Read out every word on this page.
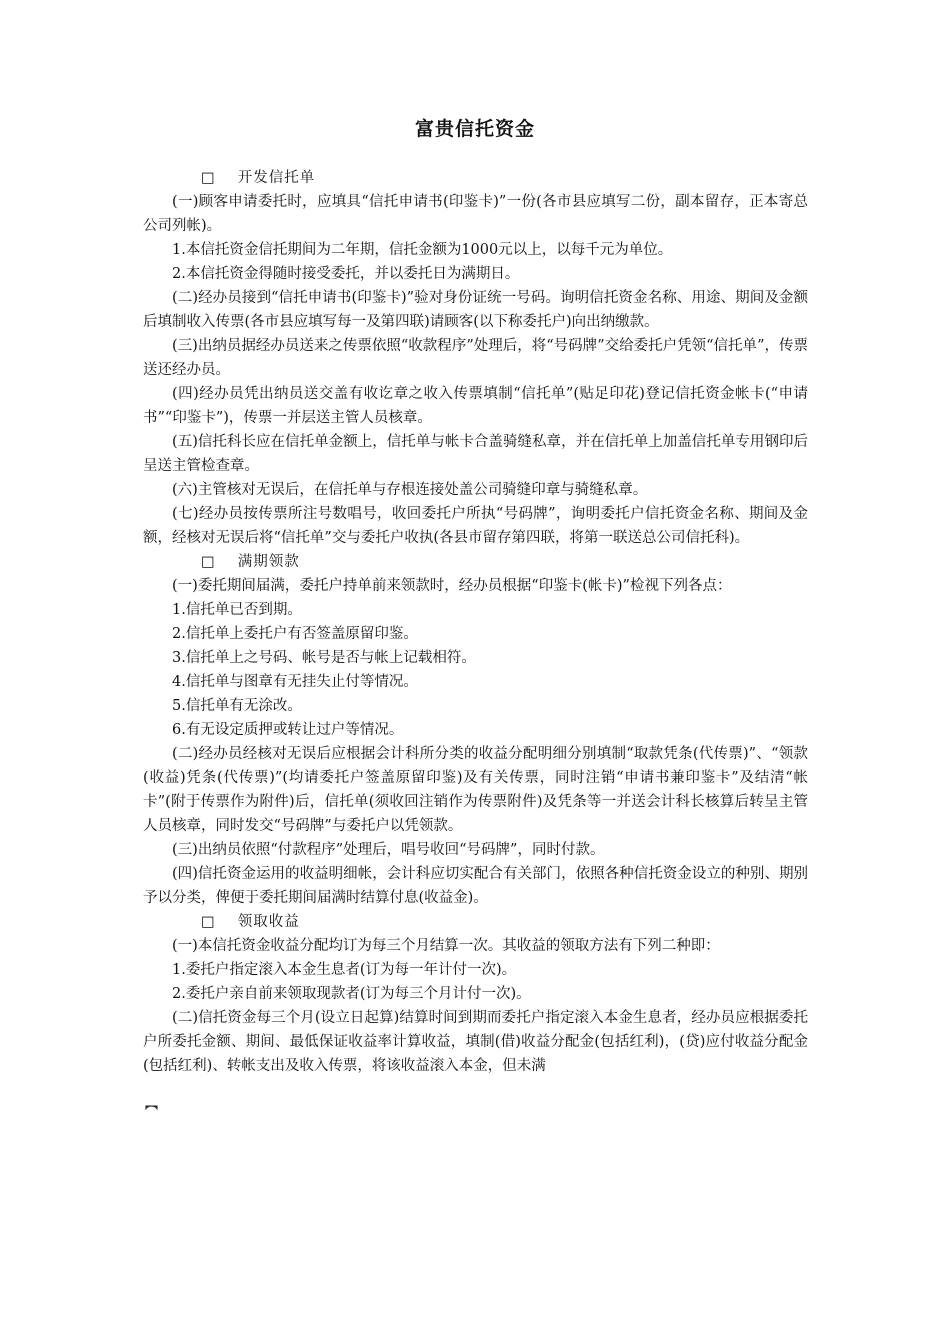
富贵信托资金

□ 开发信托单

(一)顾客申请委托时，应填具“信托申请书(印鉴卡)”一份(各市县应填写二份，副本留存，正本寄总公司列帐)。

1.本信托资金信托期间为二年期，信托金额为1000元以上，以每千元为单位。

2.本信托资金得随时接受委托，并以委托日为满期日。

(二)经办员接到“信托申请书(印鉴卡)”验对身份证统一号码。询明信托资金名称、用途、期间及金额后填制收入传票(各市县应填写每一及第四联)请顾客(以下称委托户)向出纳缴款。

(三)出纳员据经办员送来之传票依照“收款程序”处理后，将“号码牌”交给委托户凭领“信托单”，传票送还经办员。

(四)经办员凭出纳员送交盖有收讫章之收入传票填制“信托单”(贴足印花)登记信托资金帐卡(“申请书”“印鉴卡”)，传票一并层送主管人员核章。

(五)信托科长应在信托单金额上，信托单与帐卡合盖骑缝私章，并在信托单上加盖信托单专用钢印后呈送主管检查章。

(六)主管核对无误后，在信托单与存根连接处盖公司骑缝印章与骑缝私章。

(七)经办员按传票所注号数唱号，收回委托户所执“号码牌”，询明委托户信托资金名称、期间及金额，经核对无误后将“信托单”交与委托户收执(各县市留存第四联，将第一联送总公司信托科)。

□ 满期领款

(一)委托期间届满，委托户持单前来领款时，经办员根据“印鉴卡(帐卡)”检视下列各点：

1.信托单已否到期。

2.信托单上委托户有否签盖原留印鉴。

3.信托单上之号码、帐号是否与帐上记载相符。

4.信托单与图章有无挂失止付等情况。

5.信托单有无涂改。

6.有无设定质押或转让过户等情况。

(二)经办员经核对无误后应根据会计科所分类的收益分配明细分别填制“取款凭条(代传票)”、“领款(收益)凭条(代传票)”(均请委托户签盖原留印鉴)及有关传票，同时注销“申请书兼印鉴卡”及结清“帐卡”(附于传票作为附件)后，信托单(须收回注销作为传票附件)及凭条等一并送会计科长核算后转呈主管人员核章，同时发交“号码牌”与委托户以凭领款。

(三)出纳员依照“付款程序”处理后，唱号收回“号码牌”，同时付款。

(四)信托资金运用的收益明细帐，会计科应切实配合有关部门，依照各种信托资金设立的种别、期别予以分类，俾便于委托期间届满时结算付息(收益金)。

□ 领取收益

(一)本信托资金收益分配均订为每三个月结算一次。其收益的领取方法有下列二种即：

1.委托户指定滚入本金生息者(订为每一年计付一次)。

2.委托户亲自前来领取现款者(订为每三个月计付一次)。

(二)信托资金每三个月(设立日起算)结算时间到期而委托户指定滚入本金生息者，经办员应根据委托户所委托金额、期间、最低保证收益率计算收益，填制(借)收益分配金(包括红利)，(贷)应付收益分配金(包括红利)、转帐支出及收入传票，将该收益滚入本金，但未满

︻
